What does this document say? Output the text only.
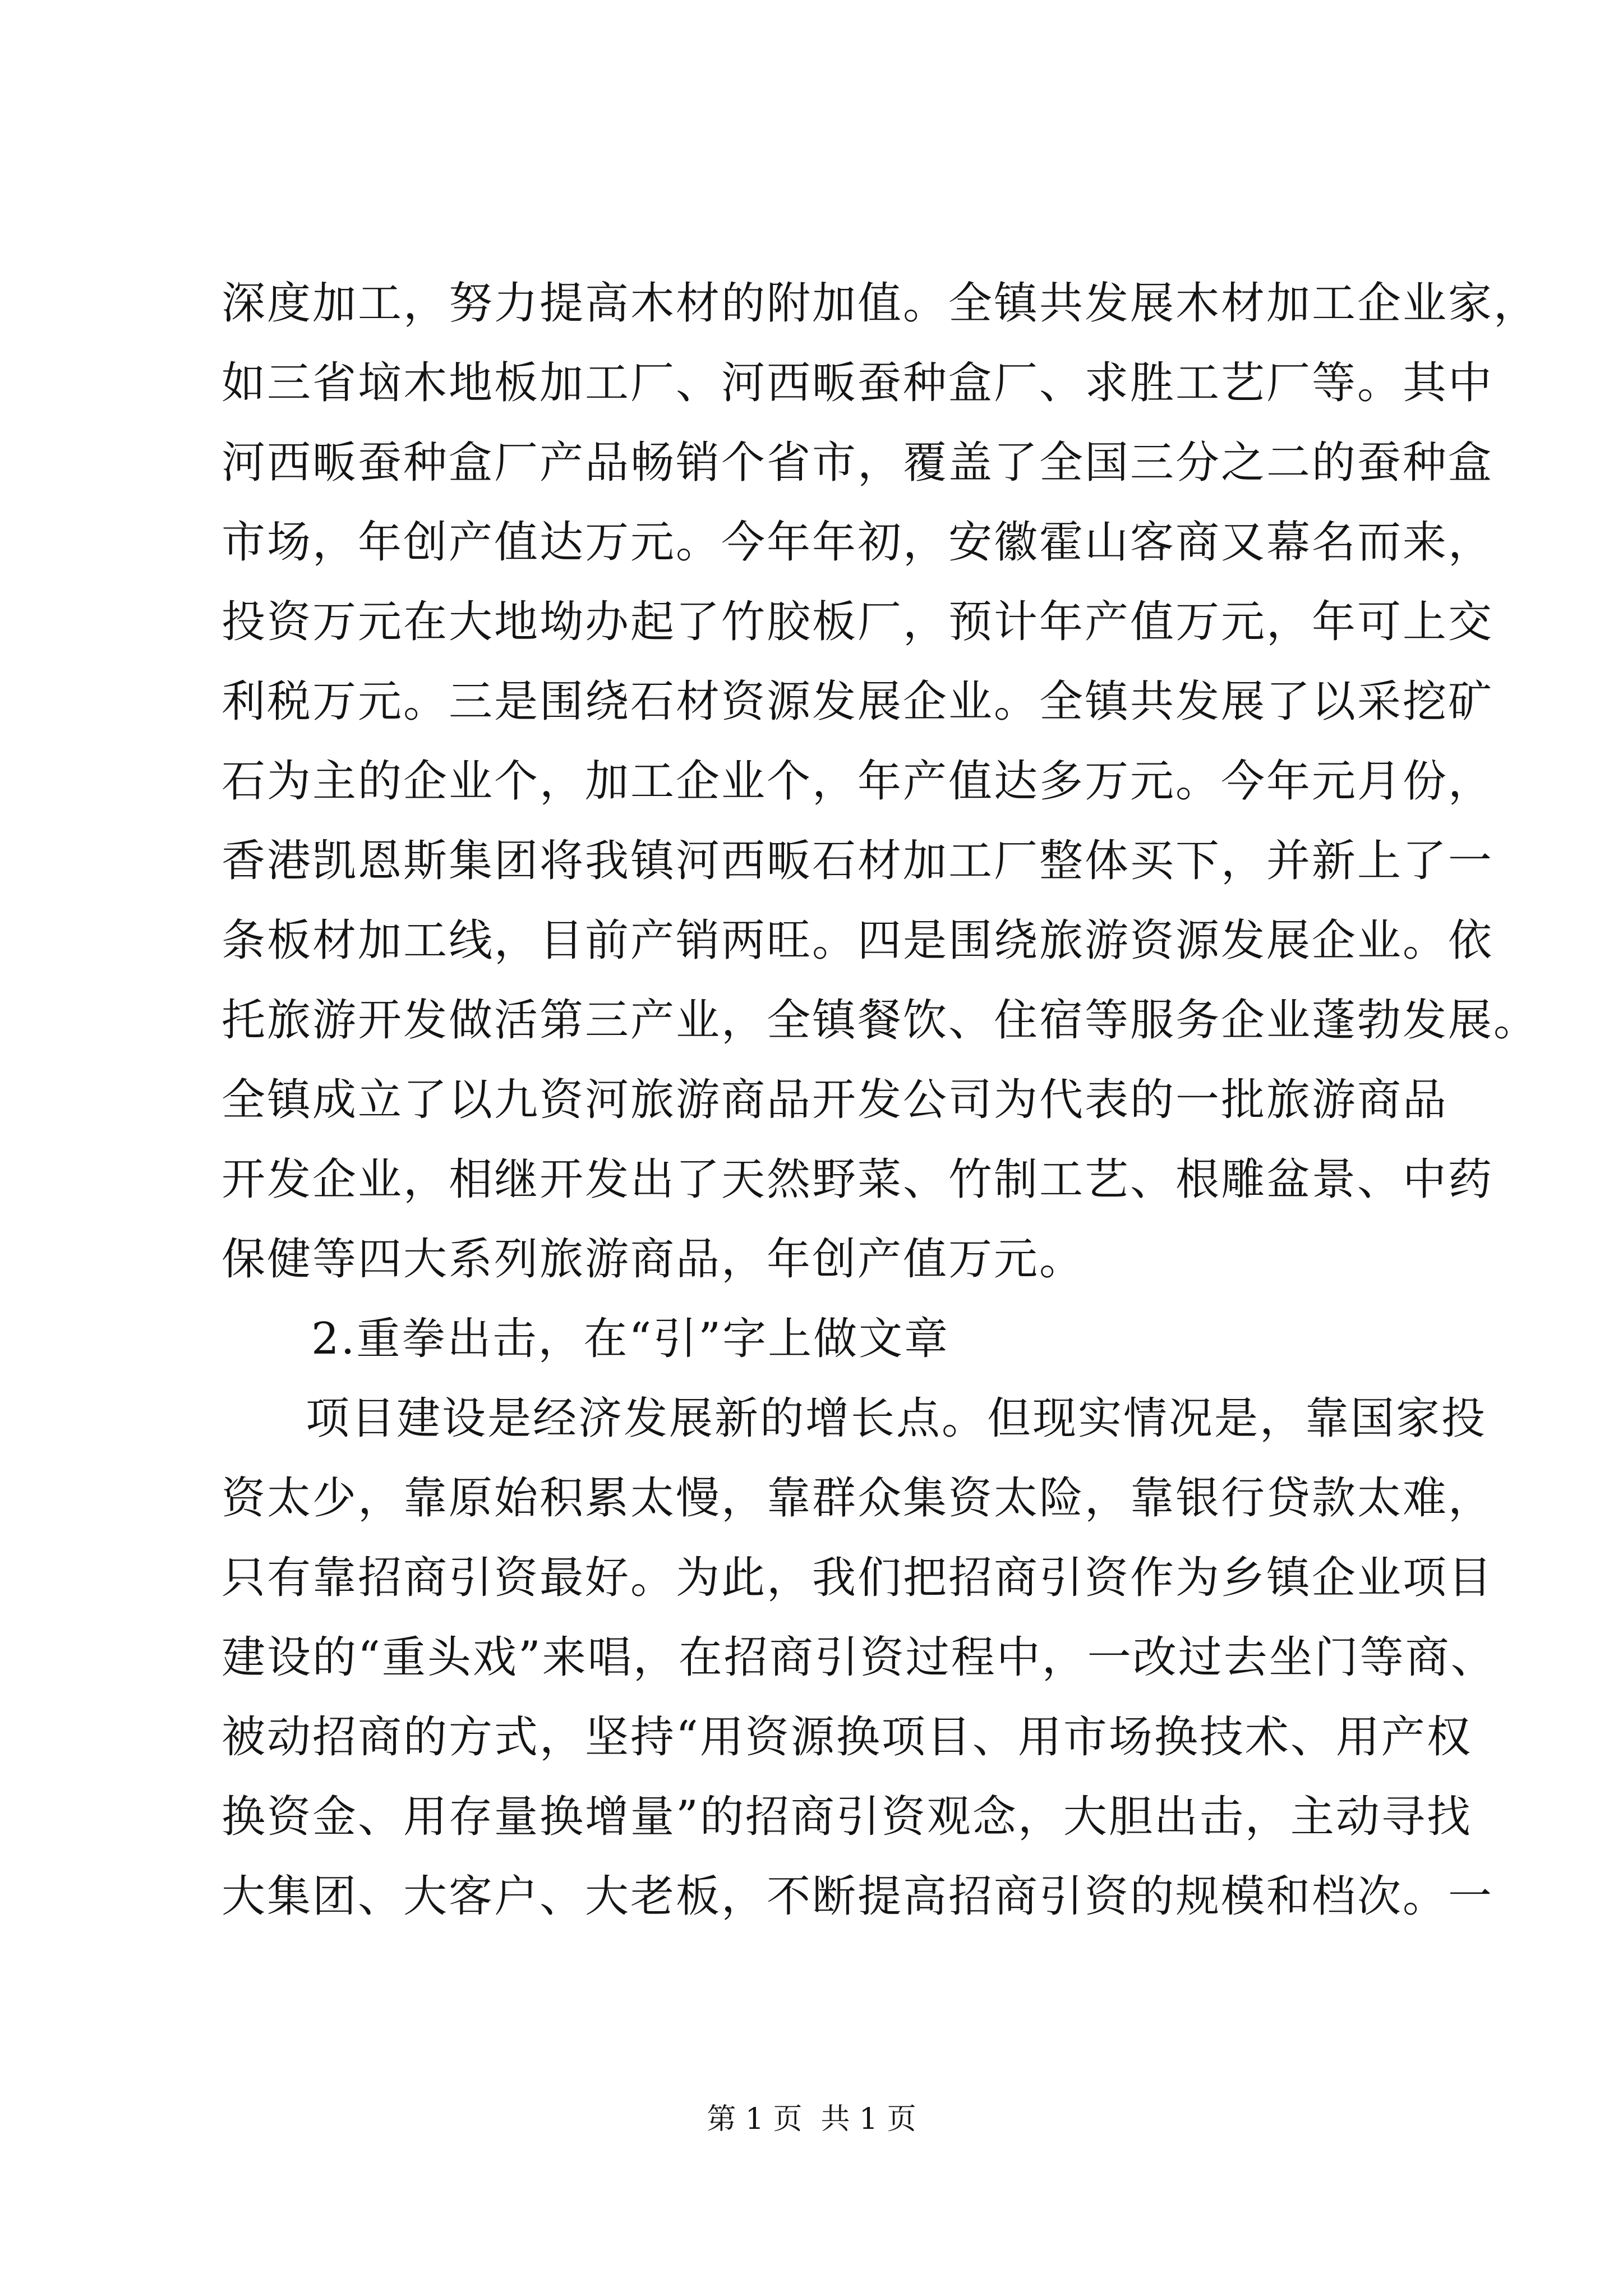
深度加工，努力提高木材的附加值。全镇共发展木材加工企业家，
如三省垴木地板加工厂、河西畈蚕种盒厂、求胜工艺厂等。其中
河西畈蚕种盒厂产品畅销个省市，覆盖了全国三分之二的蚕种盒
市场，年创产值达万元。今年年初，安徽霍山客商又幕名而来，
投资万元在大地坳办起了竹胶板厂，预计年产值万元，年可上交
利税万元。三是围绕石材资源发展企业。全镇共发展了以采挖矿
石为主的企业个，加工企业个，年产值达多万元。今年元月份，
香港凯恩斯集团将我镇河西畈石材加工厂整体买下，并新上了一
条板材加工线，目前产销两旺。四是围绕旅游资源发展企业。依
托旅游开发做活第三产业，全镇餐饮、住宿等服务企业蓬勃发展。
全镇成立了以九资河旅游商品开发公司为代表的一批旅游商品
开发企业，相继开发出了天然野菜、竹制工艺、根雕盆景、中药
保健等四大系列旅游商品，年创产值万元。
2.重拳出击，在“引”字上做文章
项目建设是经济发展新的增长点。但现实情况是，靠国家投
资太少，靠原始积累太慢，靠群众集资太险，靠银行贷款太难，
只有靠招商引资最好。为此，我们把招商引资作为乡镇企业项目
建设的“重头戏”来唱，在招商引资过程中，一改过去坐门等商、
被动招商的方式，坚持“用资源换项目、用市场换技术、用产权
换资金、用存量换增量”的招商引资观念，大胆出击，主动寻找
大集团、大客户、大老板，不断提高招商引资的规模和档次。一
第 1 页  共 1 页
